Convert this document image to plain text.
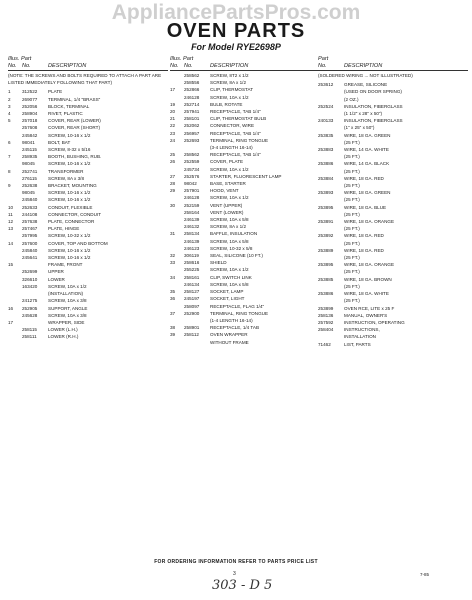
AppliancePartsPros.com
OVEN PARTS
For Model RYE2698P
Illus. Part
No. No.	DESCRIPTION
(NOTE: THE SCREWS AND BOLTS REQUIRED TO ATTACH A PART ARE LISTED IMMEDIATELY FOLLOWING THAT PART)
1	312522	PLATE
2	269077	TERMINAL, 1/4 "BRASS"
3	252056	BLOCK, TERMINAL
4	258904	RIVET, PLASTIC
5	257018	COVER, REAR (LOWER)
257608	COVER, REAR (SHORT)
245842	SCREW, 10-16 x 1/2
6	98041	BOLT, BAT
245115	SCREW, 8-32 x 5/16
7	258935	BOOTH, BUSHING, RUB.
98045	SCREW, 10-16 x 1/2
8	252741	TRANSFORMER
276115	SCREW, 8A x 3/8
9	252638	BRACKET, MOUNTING
98045	SCREW, 10-16 x 1/2
245840	SCREW, 10-16 x 1/2
10	252633	CONDUIT, FLEXIBLE
11	244108	CONNECTOR, CONDUIT
12	257638	PLATE, CONNECTOR
13	257467	PLATE, HINGE
257995	SCREW, 10-32 x 1/2
14	257600	COVER, TOP AND BOTTOM
245840	SCREW, 10-16 x 1/2
245641	SCREW, 10-16 x 1/2
15	FRAME, FRONT
252699	UPPER
326610	LOWER
163420	SCREW, 10A x 1/2
(INSTALLATION)
241275	SCREW, 10A x 3/8
16	252905	SUPPORT, ANGLE
245628	SCREW, 10A x 3/8
17	WRAPPER, SIDE
258115	LOWER (L.H.)
258111	LOWER (R.H.)
Illus. Part
No. No.	DESCRIPTION
258562	SCREW, 8T2 x 1/2
258556	SCREW, 8A x 1/2
17	252866	CLIP, THERMOSTAT
246128	SCREW, 10A x 1/2
19	252714	BULB, ROTATE
20	257941	RECEPTACLE, TAB 1/4"
21	258101	CLIP, THERMOSTAT BULB
22	252062	CONNECTOR, WIRE
23	256957	RECEPTACLE, TAB 1/4"
24	252693	TERMINAL, RING TONGUE
(3-4 LENGTH 16-14)
25	258562	RECEPTACLE, TAB 1/4"
26	252559	COVER, PLATE
245734	SCREW, 10A x 1/2
27	252576	STARTER, FLUORESCENT LAMP
28	98042	BASE, STARTER
29	257901	HOOD, VENT
246128	SCREW, 10A x 1/2
30	252159	VENT (UPPER)
258164	VENT (LOWER)
246139	SCREW, 10A x 5/8
246132	SCREW, 8A x 1/2
31	258134	BAFFLE, INSULATION
246139	SCREW, 10A x 5/8
246123	SCREW, 10-32 x 5/8
32	306119	SEAL, SILICONE (10 FT.)
33	258616	SHIELD
255225	SCREW, 10A x 1/2
34	258161	CLIP, SWITCH LINK
246134	SCREW, 10A x 5/8
35	258127	SOCKET, LAMP
36	245197	SOCKET, LIGHT
258097	RECEPTACLE, FLAG 1/4"
37	252900	TERMINAL, RING TONGUE
(1-4 LENGTH 16-14)
38	258901	RECEPTACLE, 1/4 TAB
39	258112	OVEN WRAPPER
WITHOUT FRAME
Part
No.	DESCRIPTION
(SOLDERED WIRING ... NOT ILLUSTRATED)
253612	GREASE, SILICONE
(USED ON DOOR SPRING)
(2 OZ.)
252524	INSULATION, FIBERGLASS
(1 1/2" x 28" x 50")
240133	INSULATION, FIBERGLASS
(1" x 25" x 50")
253835	WIRE, 18 GA. GREEN
(25 FT.)
253883	WIRE, 14 GA. WHITE
(25 FT.)
253886	WIRE, 14 GA. BLACK
(25 FT.)
253884	WIRE, 18 GA. RED
(25 FT.)
253893	WIRE, 18 GA. GREEN
(25 FT.)
253895	WIRE, 18 GA. BLUE
(25 FT.)
253891	WIRE, 18 GA. ORANGE
(25 FT.)
253892	WIRE, 18 GA. RED
(25 FT.)
253889	WIRE, 18 GA. RED
(25 FT.)
253895	WIRE, 18 GA. ORANGE
(25 FT.)
253885	WIRE, 18 GA. BROWN
(25 FT.)
253886	WIRE, 18 GA. WHITE
(25 FT.)
253899	OVEN RCE, LITE x 25 F
258136	MANUAL, OWNER'S
257592	INSTRUCTION, OPERATING
258404	INSTRUCTIONS,
INSTALLATION
71462	LIST, PARTS
FOR ORDERING INFORMATION REFER TO PARTS PRICE LIST
3	7-85
303 - D 5
